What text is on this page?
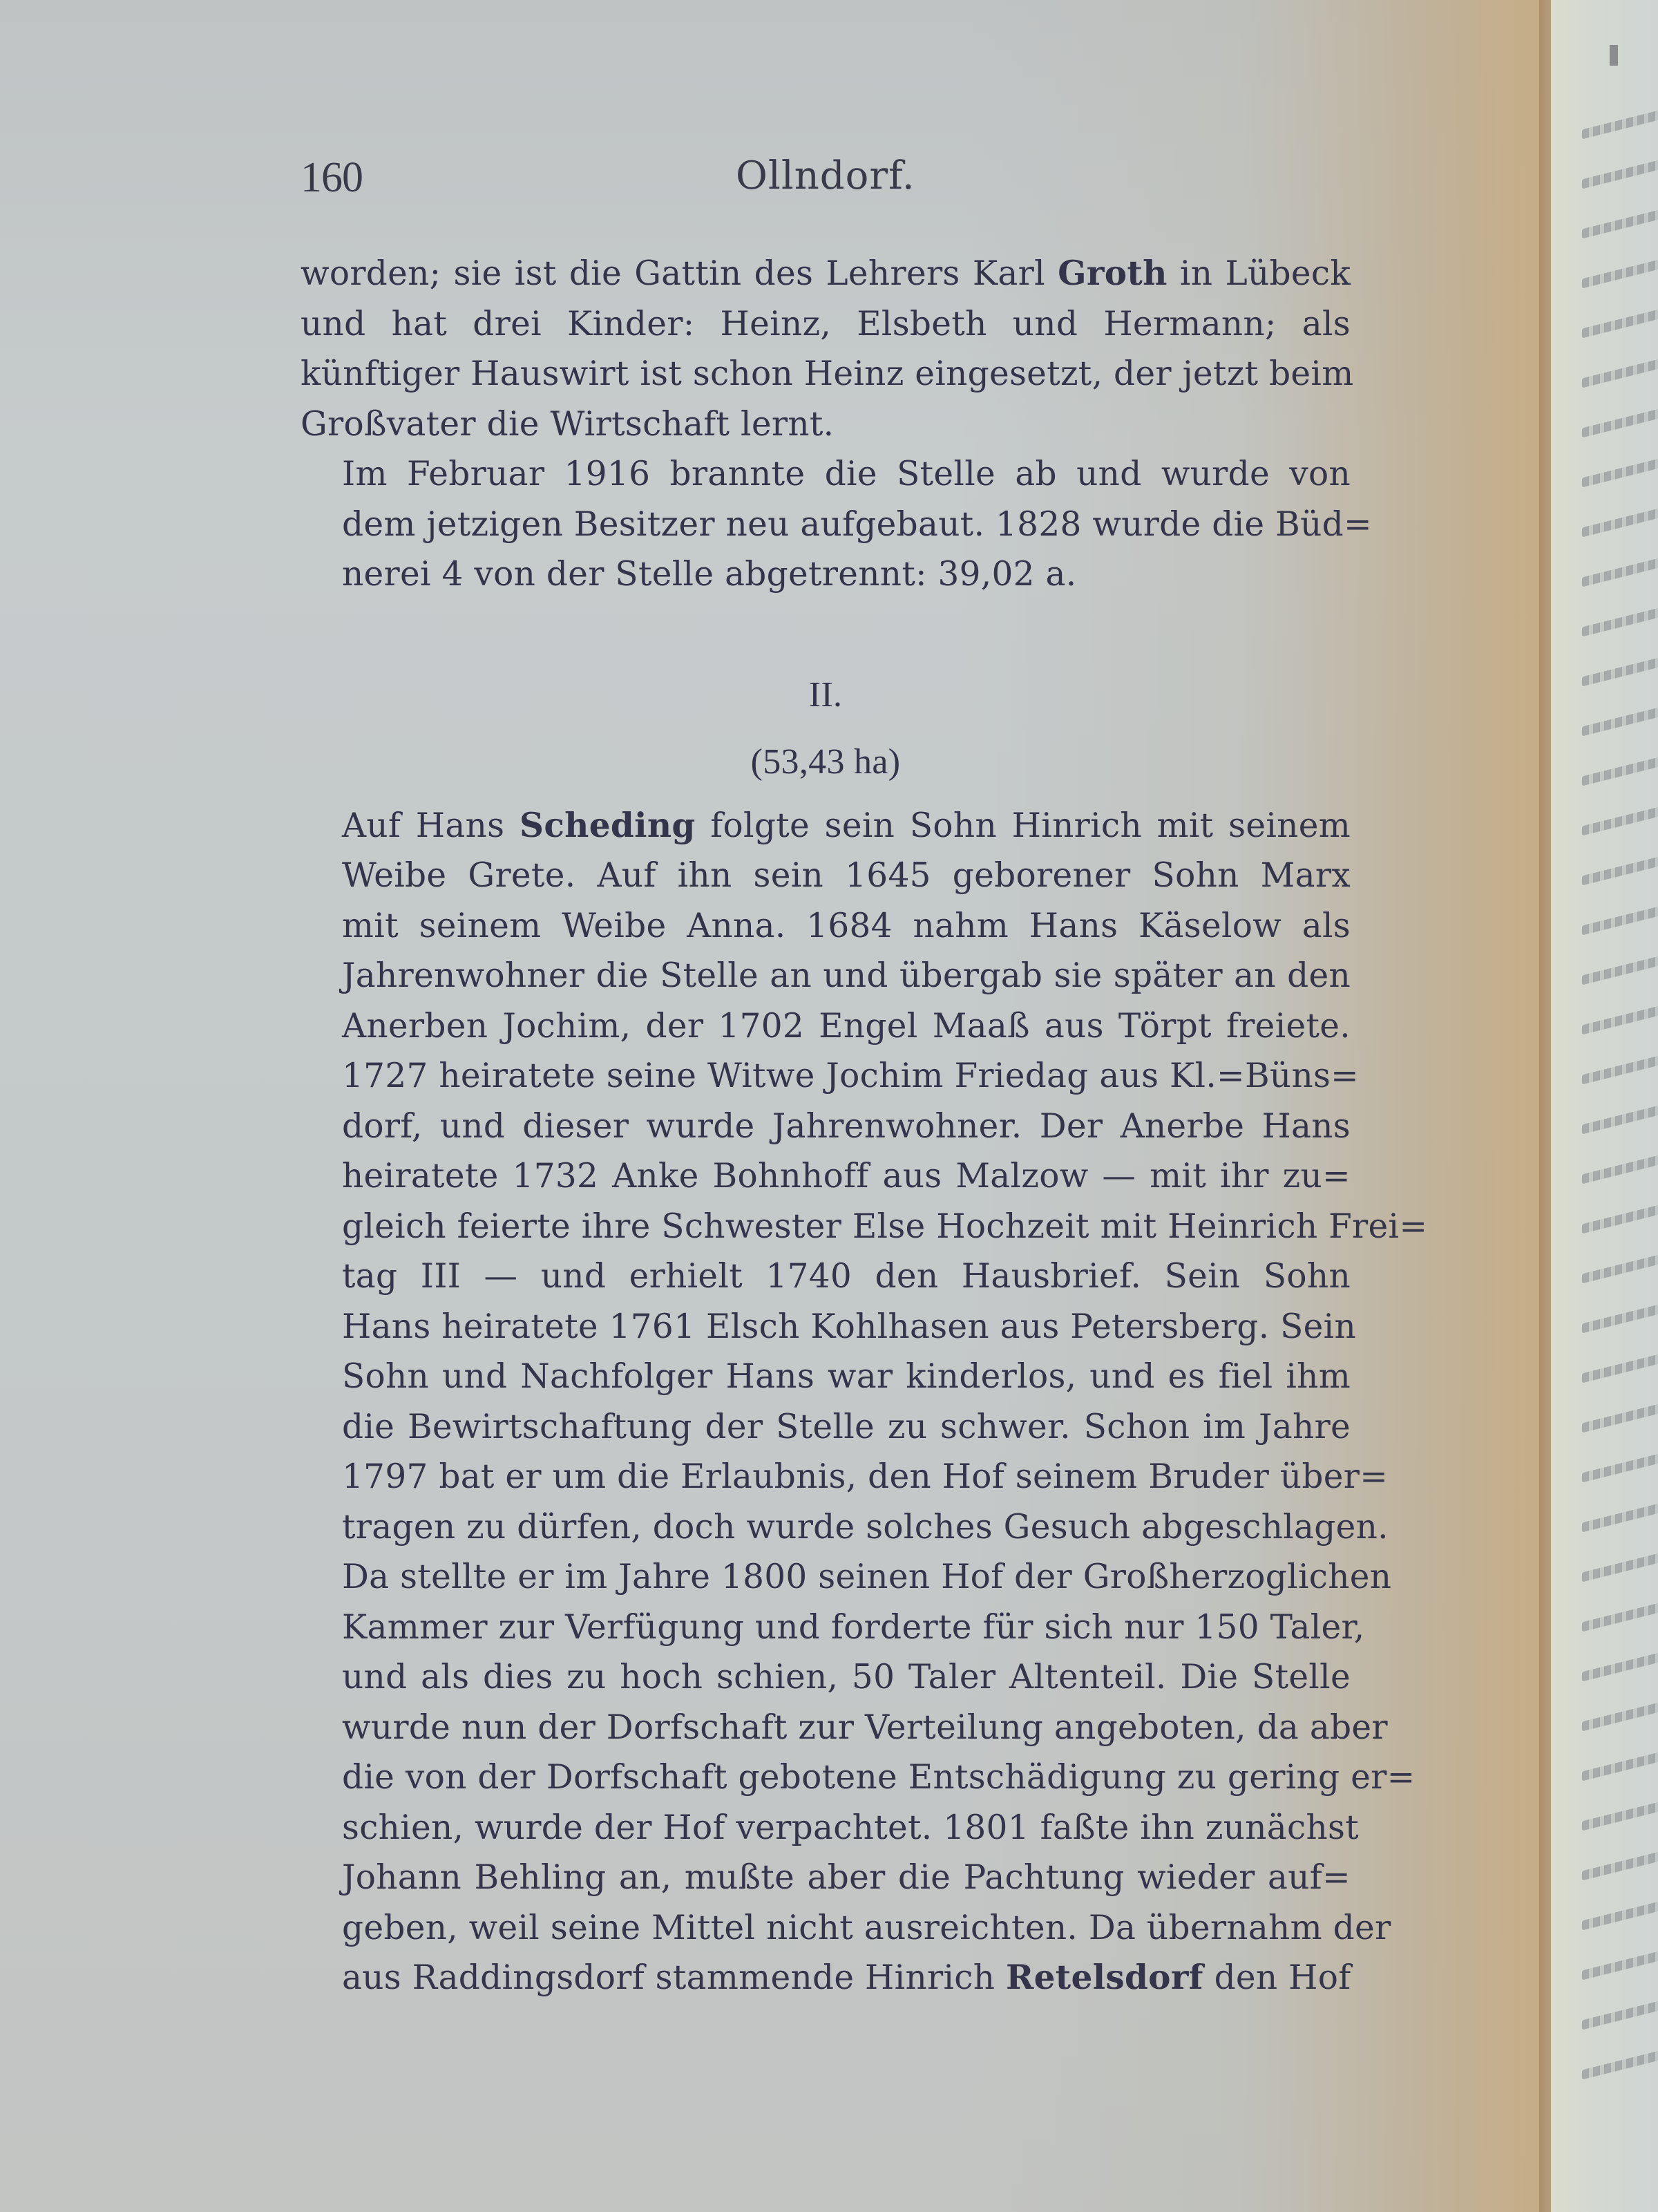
160	Ollndorf.

worden; sie ist die Gattin des Lehrers Karl Groth in Lübeck
und hat drei Kinder: Heinz, Elsbeth und Hermann; als
künftiger Hauswirt ist schon Heinz eingesetzt, der jetzt beim
Großvater die Wirtschaft lernt.

Im Februar 1916 brannte die Stelle ab und wurde von
dem jetzigen Besitzer neu aufgebaut. 1828 wurde die Büd=
nerei 4 von der Stelle abgetrennt: 39,02 a.

II.

(53,43 ha)

Auf Hans Scheding folgte sein Sohn Hinrich mit seinem
Weibe Grete. Auf ihn sein 1645 geborener Sohn Marx
mit seinem Weibe Anna. 1684 nahm Hans Käselow als
Jahrenwohner die Stelle an und übergab sie später an den
Anerben Jochim, der 1702 Engel Maaß aus Törpt freiete.
1727 heiratete seine Witwe Jochim Friedag aus Kl.=Büns=
dorf, und dieser wurde Jahrenwohner. Der Anerbe Hans
heiratete 1732 Anke Bohnhoff aus Malzow — mit ihr zu=
gleich feierte ihre Schwester Else Hochzeit mit Heinrich Frei=
tag III — und erhielt 1740 den Hausbrief. Sein Sohn
Hans heiratete 1761 Elsch Kohlhasen aus Petersberg. Sein
Sohn und Nachfolger Hans war kinderlos, und es fiel ihm
die Bewirtschaftung der Stelle zu schwer. Schon im Jahre
1797 bat er um die Erlaubnis, den Hof seinem Bruder über=
tragen zu dürfen, doch wurde solches Gesuch abgeschlagen.
Da stellte er im Jahre 1800 seinen Hof der Großherzoglichen
Kammer zur Verfügung und forderte für sich nur 150 Taler,
und als dies zu hoch schien, 50 Taler Altenteil. Die Stelle
wurde nun der Dorfschaft zur Verteilung angeboten, da aber
die von der Dorfschaft gebotene Entschädigung zu gering er=
schien, wurde der Hof verpachtet. 1801 faßte ihn zunächst
Johann Behling an, mußte aber die Pachtung wieder auf=
geben, weil seine Mittel nicht ausreichten. Da übernahm der
aus Raddingsdorf stammende Hinrich Retelsdorf den Hof
